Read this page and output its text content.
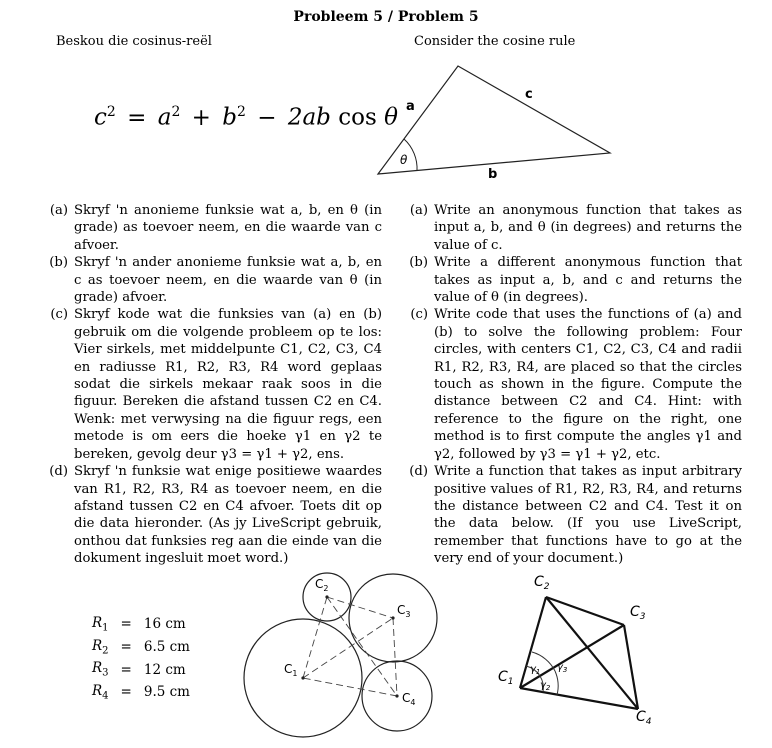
Probleem 5 / Problem 5
Beskou die cosinus-reël	Consider the cosine rule
$c^2 = a^2 + b^2 - 2ab$ cos θ a
c
b
θ
(a) Skryf 'n anonieme funksie wat a, b, en θ (in grade) as toevoer neem, en die waarde van c afvoer.
(b) Skryf 'n ander anonieme funksie wat a, b, en c as toevoer neem, en die waarde van θ (in grade) afvoer.
(c) Skryf kode wat die funksies van (a) en (b) gebruik om die volgende probleem op te los: Vier sirkels, met middelpunte C1, C2, C3, C4 en radiusse R1, R2, R3, R4 word geplaas sodat die sirkels mekaar raak soos in die figuur. Bereken die afstand tussen C2 en C4. Wenk: met verwysing na die figuur regs, een metode is om eers die hoeke γ1 en γ2 te bereken, gevolg deur γ3 = γ1 + γ2, ens.
(d) Skryf 'n funksie wat enige positiewe waardes van R1, R2, R3, R4 as toevoer neem, en die afstand tussen C2 en C4 afvoer. Toets dit op die data hieronder. (As jy LiveScript gebruik, onthou dat funksies reg aan die einde van die dokument ingesluit moet word.)
(a) Write an anonymous function that takes as input a, b, and θ (in degrees) and returns the value of c.
(b) Write a different anonymous function that takes as input a, b, and c and returns the value of θ (in degrees).
(c) Write code that uses the functions of (a) and (b) to solve the following problem: Four circles, with centers C1, C2, C3, C4 and radii R1, R2, R3, R4, are placed so that the circles touch as shown in the figure. Compute the distance between C2 and C4. Hint: with reference to the figure on the right, one method is to first compute the angles γ1 and γ2, followed by γ3 = γ1 + γ2, etc.
(d) Write a function that takes as input arbitrary positive values of R1, R2, R3, R4, and returns the distance between C2 and C4. Test it on the data below. (If you use LiveScript, remember that functions have to go at the very end of your document.)
$R_1$	=	16 cm
$R_2$	=	6.5 cm
$R_3$	=	12 cm
$R_4$	=	9.5 cm
$C_1$
$C_2$
$C_3$
$C_4$
$\gamma_1$ $\gamma_3$
$\gamma_2$
$C_1$
$C_2$
$C_3$
$C_4$
